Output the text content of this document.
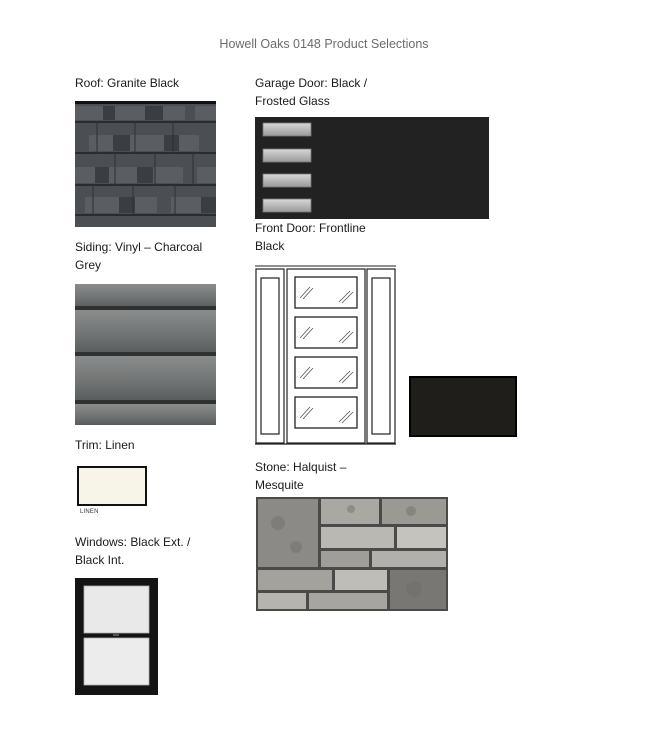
Howell Oaks 0148 Product Selections
Roof: Granite Black
Siding: Vinyl – Charcoal
Grey
Trim: Linen
LINEN
Windows: Black Ext. /
Black Int.
Garage Door: Black /
Frosted Glass
Front Door: Frontline
Black
Stone: Halquist –
Mesquite
